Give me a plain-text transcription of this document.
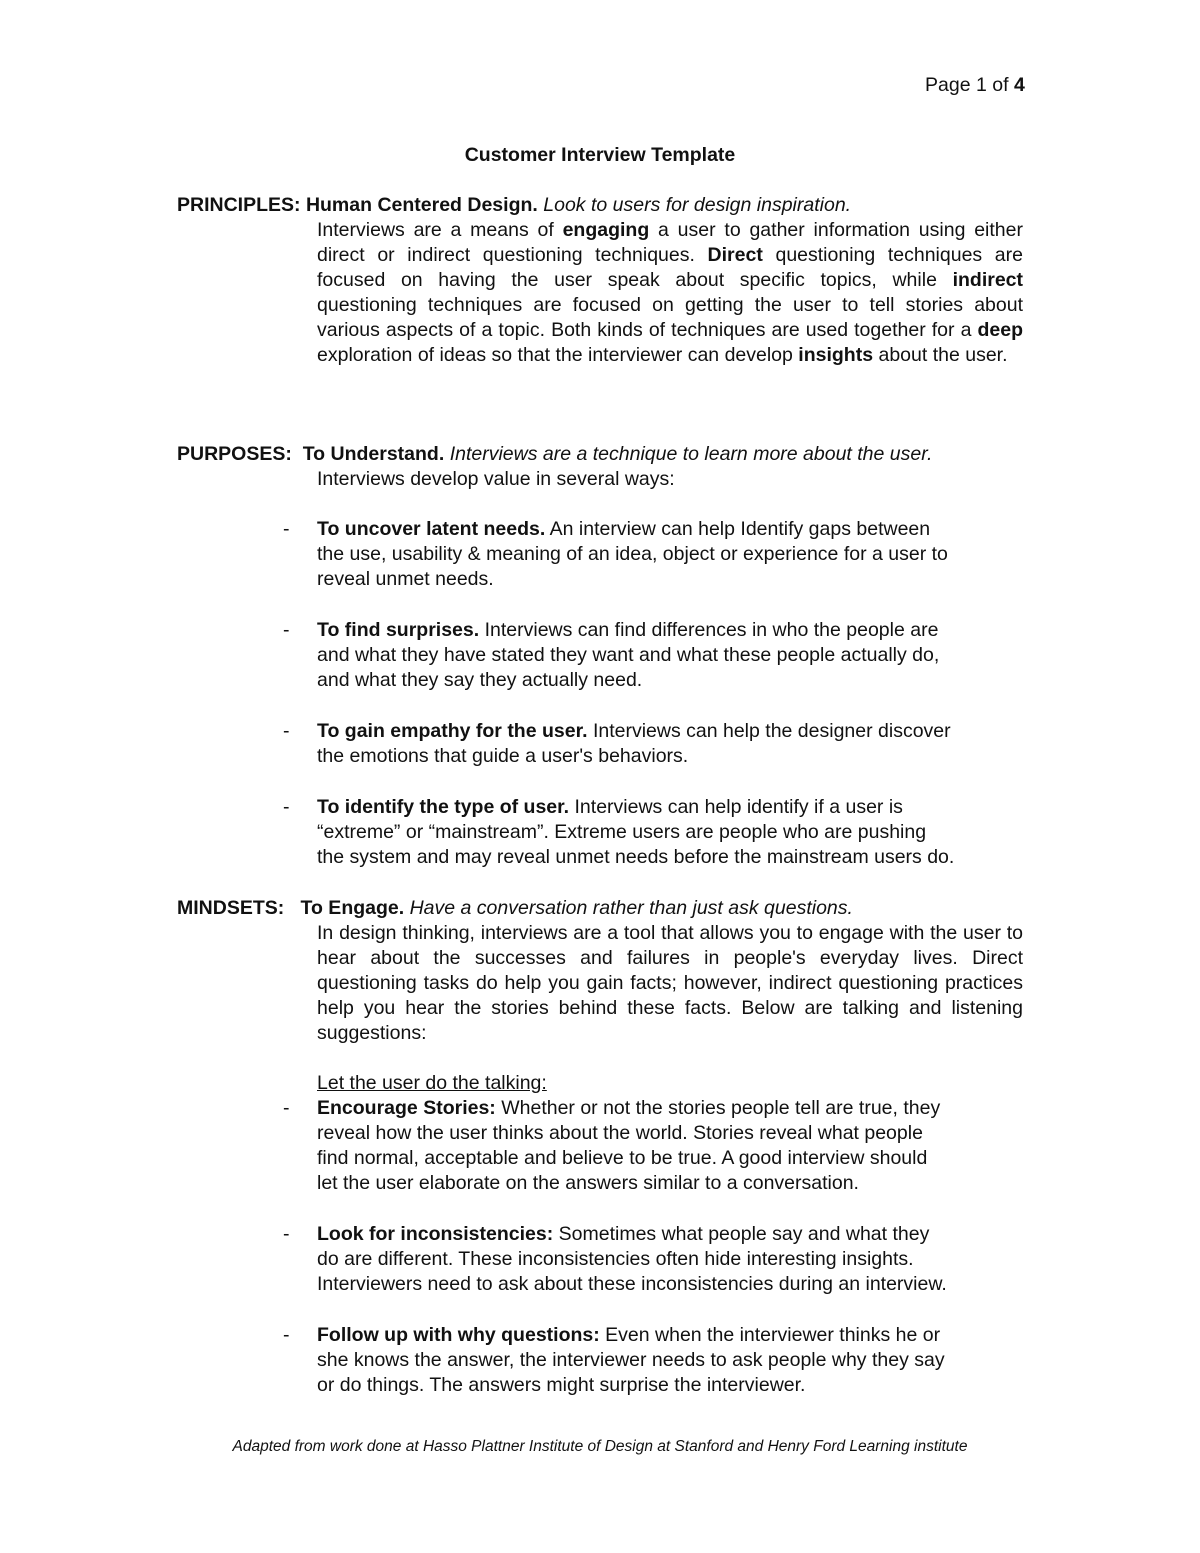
Page 1 of 4
Customer Interview Template
PRINCIPLES: Human Centered Design. Look to users for design inspiration.
Interviews are a means of engaging a user to gather information using either direct or indirect questioning techniques. Direct questioning techniques are focused on having the user speak about specific topics, while indirect questioning techniques are focused on getting the user to tell stories about various aspects of a topic. Both kinds of techniques are used together for a deep exploration of ideas so that the interviewer can develop insights about the user.
PURPOSES: To Understand. Interviews are a technique to learn more about the user.
Interviews develop value in several ways:
- To uncover latent needs. An interview can help Identify gaps between
the use, usability & meaning of an idea, object or experience for a user to
reveal unmet needs.
- To find surprises. Interviews can find differences in who the people are
and what they have stated they want and what these people actually do,
and what they say they actually need.
- To gain empathy for the user. Interviews can help the designer discover
the emotions that guide a user's behaviors.
- To identify the type of user. Interviews can help identify if a user is
“extreme” or “mainstream”. Extreme users are people who are pushing
the system and may reveal unmet needs before the mainstream users do.
MINDSETS: To Engage. Have a conversation rather than just ask questions.
In design thinking, interviews are a tool that allows you to engage with the user to hear about the successes and failures in people's everyday lives. Direct questioning tasks do help you gain facts; however, indirect questioning practices help you hear the stories behind these facts. Below are talking and listening suggestions:
Let the user do the talking:
- Encourage Stories: Whether or not the stories people tell are true, they
reveal how the user thinks about the world. Stories reveal what people
find normal, acceptable and believe to be true. A good interview should
let the user elaborate on the answers similar to a conversation.
- Look for inconsistencies: Sometimes what people say and what they
do are different. These inconsistencies often hide interesting insights.
Interviewers need to ask about these inconsistencies during an interview.
- Follow up with why questions: Even when the interviewer thinks he or
she knows the answer, the interviewer needs to ask people why they say
or do things. The answers might surprise the interviewer.
Adapted from work done at Hasso Plattner Institute of Design at Stanford and Henry Ford Learning institute
